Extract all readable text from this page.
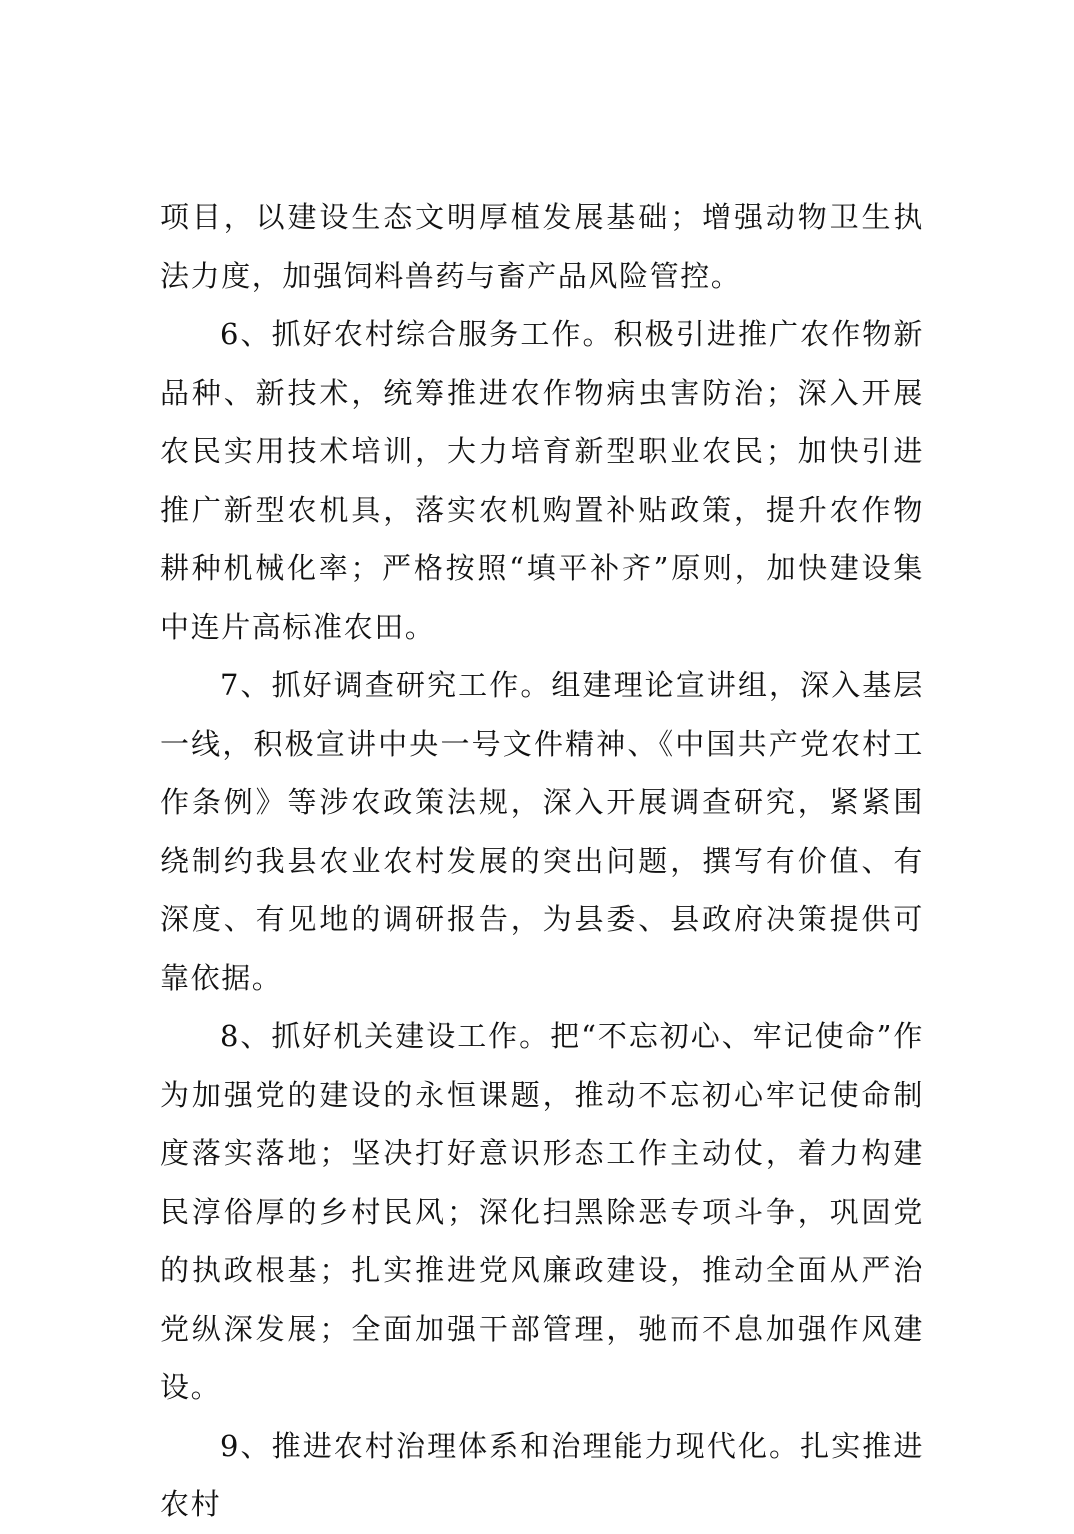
项目，以建设生态文明厚植发展基础；增强动物卫生执法力度，加强饲料兽药与畜产品风险管控。

6、抓好农村综合服务工作。积极引进推广农作物新品种、新技术，统筹推进农作物病虫害防治；深入开展农民实用技术培训，大力培育新型职业农民；加快引进推广新型农机具，落实农机购置补贴政策，提升农作物耕种机械化率；严格按照“填平补齐”原则，加快建设集中连片高标准农田。

7、抓好调查研究工作。组建理论宣讲组，深入基层一线，积极宣讲中央一号文件精神、《中国共产党农村工作条例》等涉农政策法规，深入开展调查研究，紧紧围绕制约我县农业农村发展的突出问题，撰写有价值、有深度、有见地的调研报告，为县委、县政府决策提供可靠依据。

8、抓好机关建设工作。把“不忘初心、牢记使命”作为加强党的建设的永恒课题，推动不忘初心牢记使命制度落实落地；坚决打好意识形态工作主动仗，着力构建民淳俗厚的乡村民风；深化扫黑除恶专项斗争，巩固党的执政根基；扎实推进党风廉政建设，推动全面从严治党纵深发展；全面加强干部管理，驰而不息加强作风建设。

9、推进农村治理体系和治理能力现代化。扎实推进农村
